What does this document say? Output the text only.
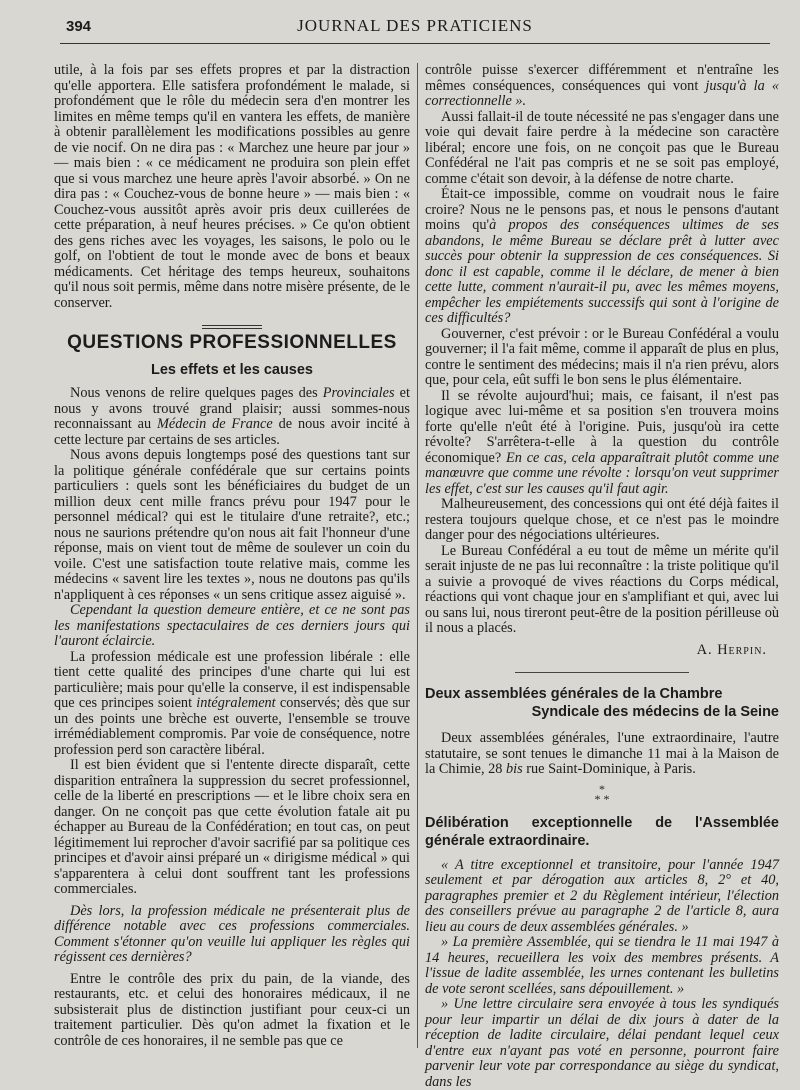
394	JOURNAL DES PRATICIENS

utile, à la fois par ses effets propres et par la distraction qu'elle apportera. Elle satisfera profondément le malade, si profondément que le rôle du médecin sera d'en montrer les limites en même temps qu'il en vantera les effets, de manière à obtenir parallèlement les modifications possibles au genre de vie nocif. On ne dira pas : « Marchez une heure par jour » — mais bien : « ce médicament ne produira son plein effet que si vous marchez une heure après l'avoir absorbé. » On ne dira pas : « Couchez-vous de bonne heure » — mais bien : « Couchez-vous aussitôt après avoir pris deux cuillerées de cette préparation, à neuf heures précises. » Ce qu'on obtient des gens riches avec les voyages, les saisons, le polo ou le golf, on l'obtient de tout le monde avec de bons et beaux médicaments. Cet héritage des temps heureux, souhaitons qu'il nous soit permis, même dans notre misère présente, de le conserver.

QUESTIONS PROFESSIONNELLES
Les effets et les causes

Nous venons de relire quelques pages des Provinciales et nous y avons trouvé grand plaisir; aussi sommes-nous reconnaissant au Médecin de France de nous avoir incité à cette lecture par certains de ses articles.

Nous avons depuis longtemps posé des questions tant sur la politique générale confédérale que sur certains points particuliers : quels sont les bénéficiaires du budget de un million deux cent mille francs prévu pour 1947 pour le personnel médical? qui est le titulaire d'une retraite?, etc.; nous ne saurions prétendre qu'on nous ait fait l'honneur d'une réponse, mais on vient tout de même de soulever un coin du voile. C'est une satisfaction toute relative mais, comme les médecins « savent lire les textes », nous ne doutons pas qu'ils n'appliquent à ces réponses « un sens critique assez aiguisé ».

Cependant la question demeure entière, et ce ne sont pas les manifestations spectaculaires de ces derniers jours qui l'auront éclaircie.

La profession médicale est une profession libérale : elle tient cette qualité des principes d'une charte qui lui est particulière; mais pour qu'elle la conserve, il est indispensable que ces principes soient intégralement conservés; dès que sur un des points une brèche est ouverte, l'ensemble se trouve irrémédiablement compromis. Par voie de conséquence, notre profession perd son caractère libéral.

Il est bien évident que si l'entente directe disparaît, cette disparition entraînera la suppression du secret professionnel, celle de la liberté en prescriptions — et le libre choix sera en danger. On ne conçoit pas que cette évolution fatale ait pu échapper au Bureau de la Confédération; en tout cas, on peut légitimement lui reprocher d'avoir sacrifié par sa politique ces principes et d'avoir ainsi préparé un « dirigisme médical » qui s'apparentera à celui dont souffrent tant les professions commerciales.

Dès lors, la profession médicale ne présenterait plus de différence notable avec ces professions commerciales. Comment s'étonner qu'on veuille lui appliquer les règles qui régissent ces dernières?

Entre le contrôle des prix du pain, de la viande, des restaurants, etc. et celui des honoraires médicaux, il ne subsisterait plus de distinction justifiant pour ceux-ci un traitement particulier. Dès qu'on admet la fixation et le contrôle de ces honoraires, il ne semble pas que ce

contrôle puisse s'exercer différemment et n'entraîne les mêmes conséquences, conséquences qui vont jusqu'à la « correctionnelle ».

Aussi fallait-il de toute nécessité ne pas s'engager dans une voie qui devait faire perdre à la médecine son caractère libéral; encore une fois, on ne conçoit pas que le Bureau Confédéral ne l'ait pas compris et ne se soit pas employé, comme c'était son devoir, à la défense de notre charte.

Était-ce impossible, comme on voudrait nous le faire croire? Nous ne le pensons pas, et nous le pensons d'autant moins qu'à propos des conséquences ultimes de ses abandons, le même Bureau se déclare prêt à lutter avec succès pour obtenir la suppression de ces conséquences. Si donc il est capable, comme il le déclare, de mener à bien cette lutte, comment n'aurait-il pu, avec les mêmes moyens, empêcher les empiétements successifs qui sont à l'origine de ces difficultés?

Gouverner, c'est prévoir : or le Bureau Confédéral a voulu gouverner; il l'a fait même, comme il apparaît de plus en plus, contre le sentiment des médecins; mais il n'a rien prévu, alors que, pour cela, eût suffi le bon sens le plus élémentaire.

Il se révolte aujourd'hui; mais, ce faisant, il n'est pas logique avec lui-même et sa position s'en trouvera moins forte qu'elle n'eût été à l'origine. Puis, jusqu'où ira cette révolte? S'arrêtera-t-elle à la question du contrôle économique? En ce cas, cela apparaîtrait plutôt comme une manœuvre que comme une révolte : lorsqu'on veut supprimer les effet, c'est sur les causes qu'il faut agir.

Malheureusement, des concessions qui ont été déjà faites il restera toujours quelque chose, et ce n'est pas le moindre danger pour des négociations ultérieures.

Le Bureau Confédéral a eu tout de même un mérite qu'il serait injuste de ne pas lui reconnaître : la triste politique qu'il a suivie a provoqué de vives réactions du Corps médical, réactions qui vont chaque jour en s'amplifiant et qui, avec lui ou sans lui, nous tireront peut-être de la position périlleuse où il nous a placés.

A. Herpin.
Deux assemblées générales de la Chambre
Syndicale des médecins de la Seine

Deux assemblées générales, l'une extraordinaire, l'autre statutaire, se sont tenues le dimanche 11 mai à la Maison de la Chimie, 28 bis rue Saint-Dominique, à Paris.

*
* *
Délibération exceptionnelle de l'Assemblée générale extraordinaire.

« A titre exceptionnel et transitoire, pour l'année 1947 seulement et par dérogation aux articles 8, 2° et 40, paragraphes premier et 2 du Règlement intérieur, l'élection des conseillers prévue au paragraphe 2 de l'article 8, aura lieu au cours de deux assemblées générales. »

» La première Assemblée, qui se tiendra le 11 mai 1947 à 14 heures, recueillera les voix des membres présents. A l'issue de ladite assemblée, les urnes contenant les bulletins de vote seront scellées, sans dépouillement. »

» Une lettre circulaire sera envoyée à tous les syndiqués pour leur impartir un délai de dix jours à dater de la réception de ladite circulaire, délai pendant lequel ceux d'entre eux n'ayant pas voté en personne, pourront faire parvenir leur vote par correspondance au siège du syndicat, dans les
